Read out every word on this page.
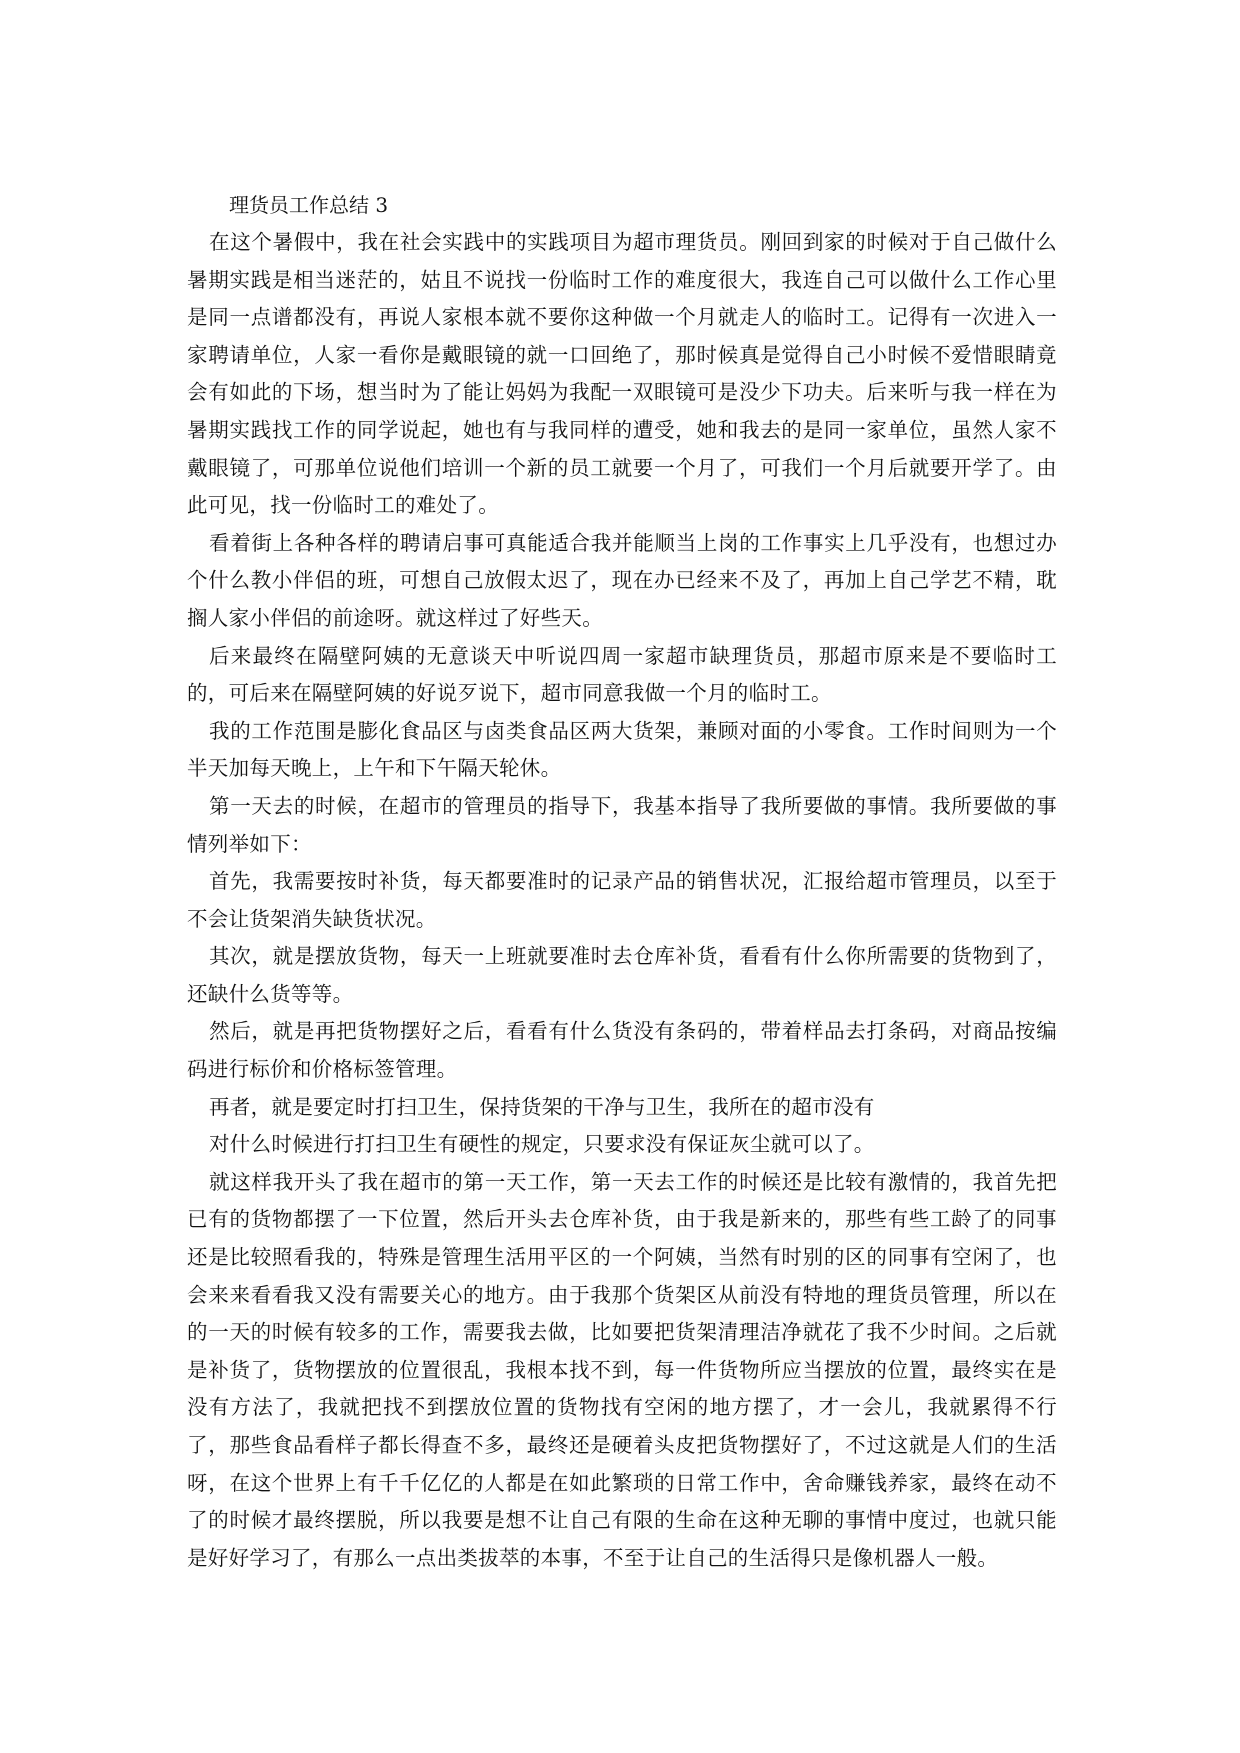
理货员工作总结 3

在这个暑假中，我在社会实践中的实践项目为超市理货员。刚回到家的时候对于自己做什么暑期实践是相当迷茫的，姑且不说找一份临时工作的难度很大，我连自己可以做什么工作心里是同一点谱都没有，再说人家根本就不要你这种做一个月就走人的临时工。记得有一次进入一家聘请单位，人家一看你是戴眼镜的就一口回绝了，那时候真是觉得自己小时候不爱惜眼睛竟会有如此的下场，想当时为了能让妈妈为我配一双眼镜可是没少下功夫。后来听与我一样在为暑期实践找工作的同学说起，她也有与我同样的遭受，她和我去的是同一家单位，虽然人家不戴眼镜了，可那单位说他们培训一个新的员工就要一个月了，可我们一个月后就要开学了。由此可见，找一份临时工的难处了。

看着街上各种各样的聘请启事可真能适合我并能顺当上岗的工作事实上几乎没有，也想过办个什么教小伴侣的班，可想自己放假太迟了，现在办已经来不及了，再加上自己学艺不精，耽搁人家小伴侣的前途呀。就这样过了好些天。

后来最终在隔壁阿姨的无意谈天中听说四周一家超市缺理货员，那超市原来是不要临时工的，可后来在隔壁阿姨的好说歹说下，超市同意我做一个月的临时工。

我的工作范围是膨化食品区与卤类食品区两大货架，兼顾对面的小零食。工作时间则为一个半天加每天晚上，上午和下午隔天轮休。

第一天去的时候，在超市的管理员的指导下，我基本指导了我所要做的事情。我所要做的事情列举如下：

首先，我需要按时补货，每天都要准时的记录产品的销售状况，汇报给超市管理员，以至于不会让货架消失缺货状况。

其次，就是摆放货物，每天一上班就要准时去仓库补货，看看有什么你所需要的货物到了，还缺什么货等等。

然后，就是再把货物摆好之后，看看有什么货没有条码的，带着样品去打条码，对商品按编码进行标价和价格标签管理。

再者，就是要定时打扫卫生，保持货架的干净与卫生，我所在的超市没有

对什么时候进行打扫卫生有硬性的规定，只要求没有保证灰尘就可以了。

就这样我开头了我在超市的第一天工作，第一天去工作的时候还是比较有激情的，我首先把已有的货物都摆了一下位置，然后开头去仓库补货，由于我是新来的，那些有些工龄了的同事还是比较照看我的，特殊是管理生活用平区的一个阿姨，当然有时别的区的同事有空闲了，也会来来看看我又没有需要关心的地方。由于我那个货架区从前没有特地的理货员管理，所以在的一天的时候有较多的工作，需要我去做，比如要把货架清理洁净就花了我不少时间。之后就是补货了，货物摆放的位置很乱，我根本找不到，每一件货物所应当摆放的位置，最终实在是没有方法了，我就把找不到摆放位置的货物找有空闲的地方摆了，才一会儿，我就累得不行了，那些食品看样子都长得查不多，最终还是硬着头皮把货物摆好了，不过这就是人们的生活呀，在这个世界上有千千亿亿的人都是在如此繁琐的日常工作中，舍命赚钱养家，最终在动不了的时候才最终摆脱，所以我要是想不让自己有限的生命在这种无聊的事情中度过，也就只能是好好学习了，有那么一点出类拔萃的本事，不至于让自己的生活得只是像机器人一般。
